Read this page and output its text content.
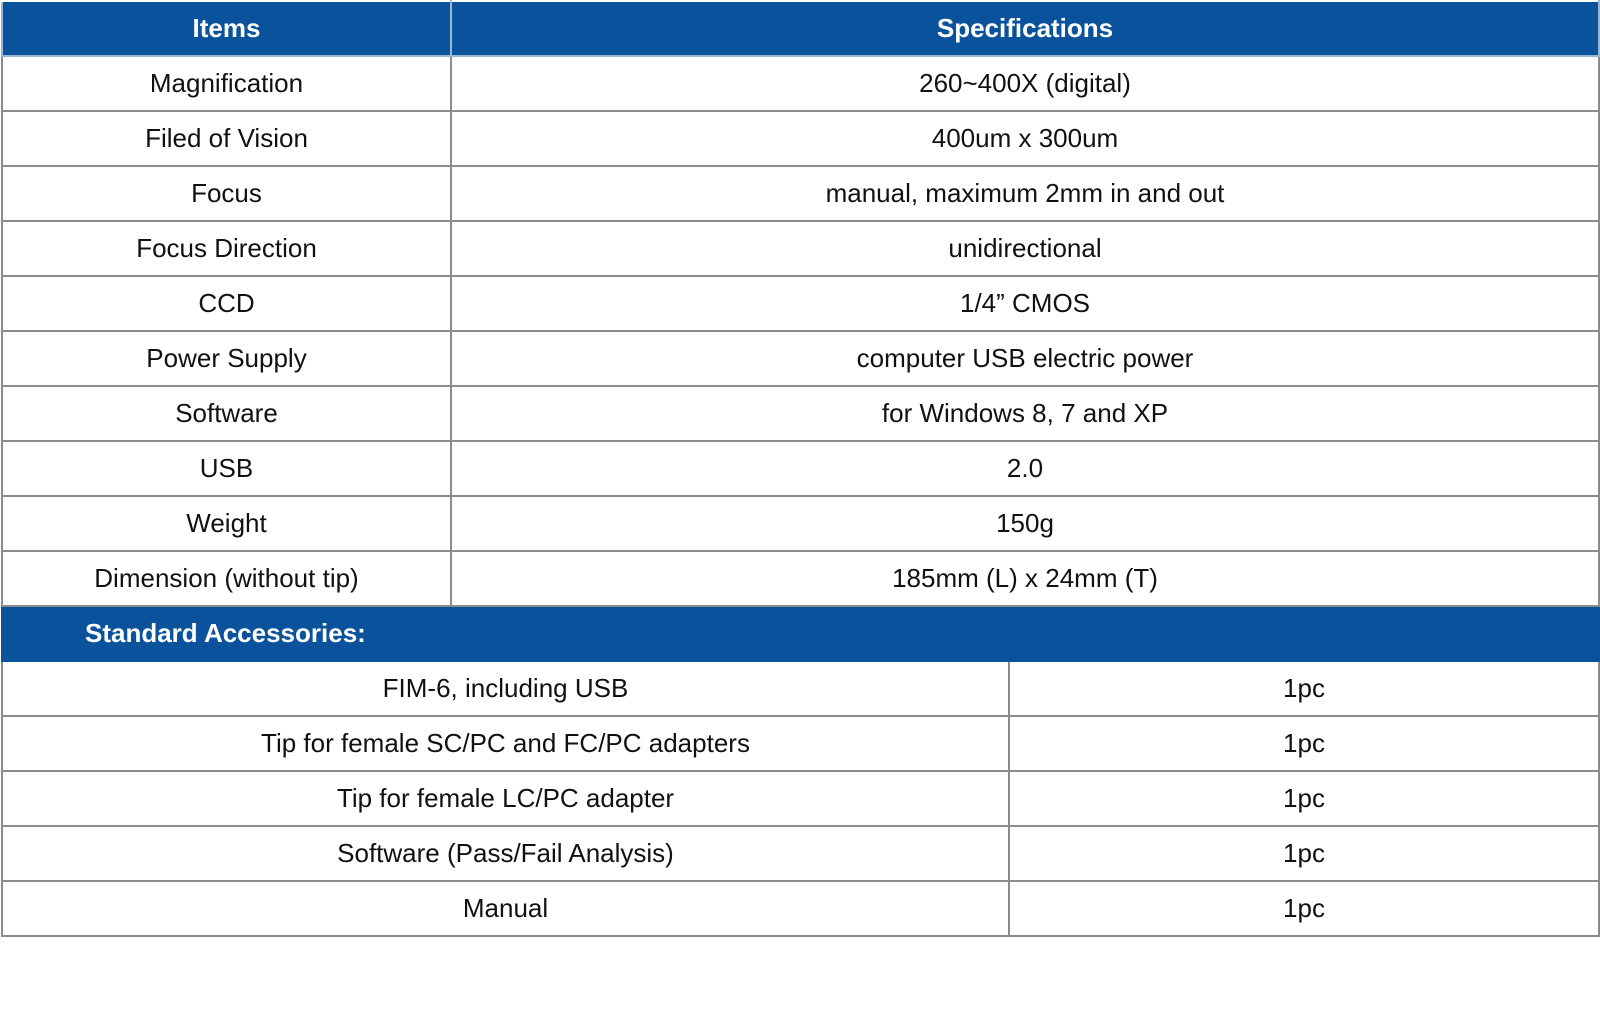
Items	Specifications	
Magnification	260~400X (digital)	
Filed of Vision	400um x 300um	
Focus	manual, maximum 2mm in and out	
Focus Direction	unidirectional	
CCD	1/4” CMOS	
Power Supply	computer USB electric power	
Software	for Windows 8, 7 and XP	
USB	2.0	
Weight	150g	
Dimension (without tip)	185mm (L) x 24mm (T)	
Standard Accessories:		
FIM-6, including USB		1pc
Tip for female SC/PC and FC/PC adapters		1pc
Tip for female LC/PC adapter		1pc
Software (Pass/Fail Analysis)		1pc
Manual		1pc
